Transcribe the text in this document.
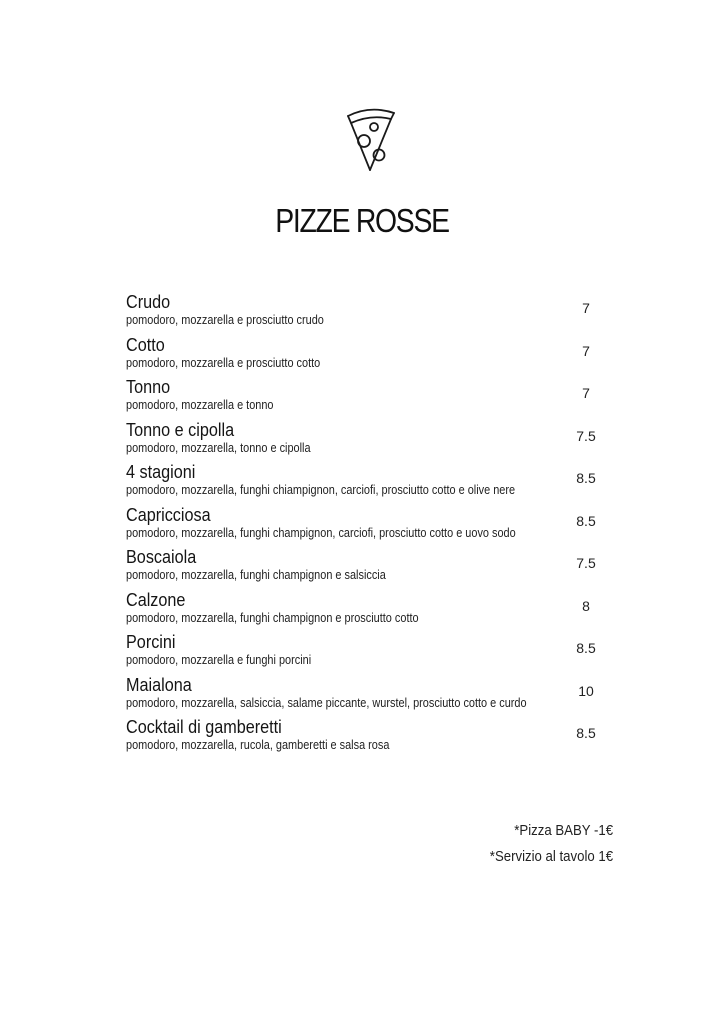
PIZZE ROSSE
Crudo
pomodoro, mozzarella e prosciutto crudo
7
Cotto
pomodoro, mozzarella e prosciutto cotto
7
Tonno
pomodoro, mozzarella e tonno
7
Tonno e cipolla
pomodoro, mozzarella, tonno e cipolla
7.5
4 stagioni
pomodoro, mozzarella, funghi chiampignon, carciofi, prosciutto cotto e olive nere
8.5
Capricciosa
pomodoro, mozzarella, funghi champignon, carciofi, prosciutto cotto e uovo sodo
8.5
Boscaiola
pomodoro, mozzarella, funghi champignon e salsiccia
7.5
Calzone
pomodoro, mozzarella, funghi champignon e prosciutto cotto
8
Porcini
pomodoro, mozzarella e funghi porcini
8.5
Maialona
pomodoro, mozzarella, salsiccia, salame piccante, wurstel, prosciutto cotto e curdo
10
Cocktail di gamberetti
pomodoro, mozzarella, rucola, gamberetti e salsa rosa
8.5
*Pizza BABY -1€
*Servizio al tavolo 1€
